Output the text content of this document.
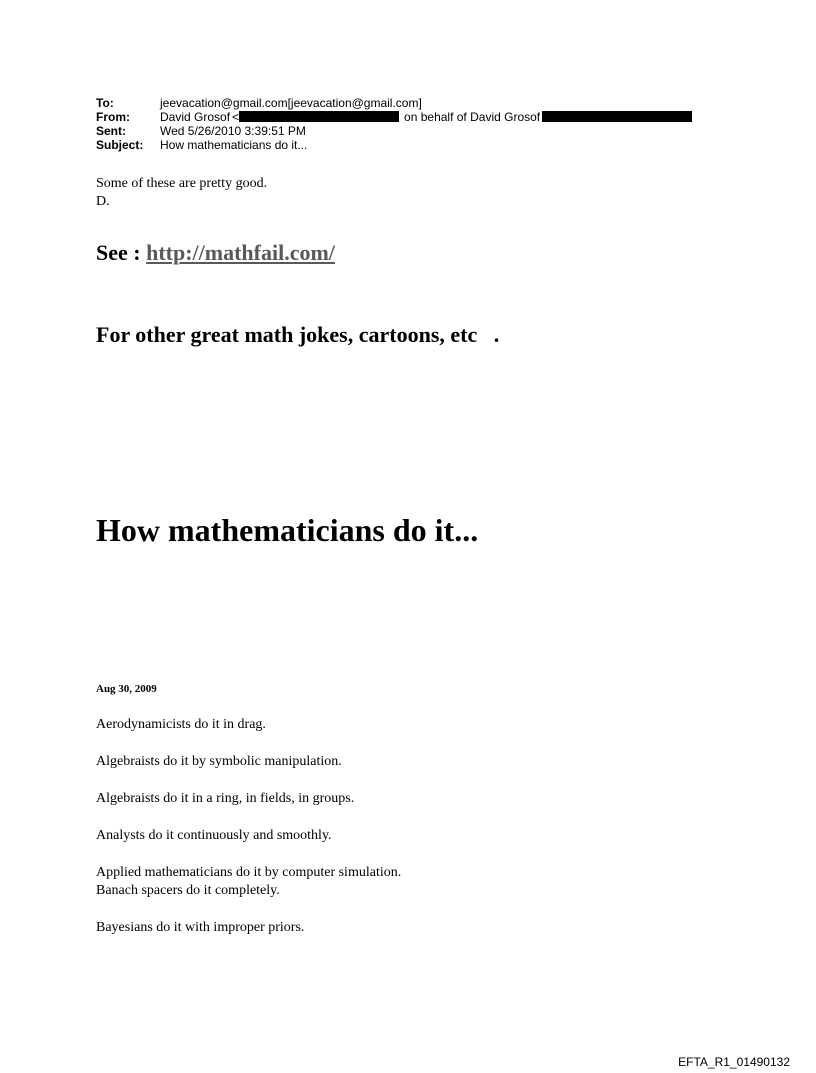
To:	jeevacation@gmail.com[jeevacation@gmail.com]
From:	David Grosof <	on behalf of David Grosof
Sent:	Wed 5/26/2010 3:39:51 PM
Subject:	How mathematicians do it...
Some of these are pretty good.
D.
See : http://mathfail.com/
For other great math jokes, cartoons, etc   .
How mathematicians do it...
Aug 30, 2009
Aerodynamicists do it in drag.
Algebraists do it by symbolic manipulation.
Algebraists do it in a ring, in fields, in groups.
Analysts do it continuously and smoothly.
Applied mathematicians do it by computer simulation.
Banach spacers do it completely.
Bayesians do it with improper priors.
EFTA_R1_01490132
